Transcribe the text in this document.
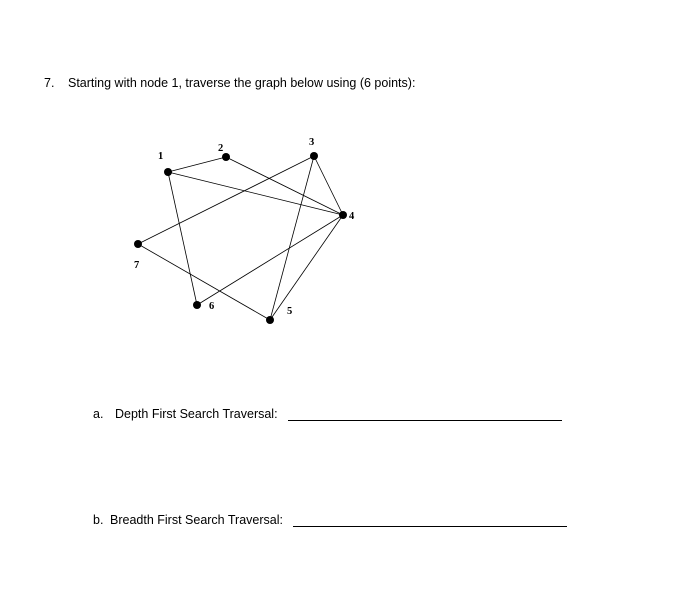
7. Starting with node 1, traverse the graph below using (6 points):
1
2
3
4
5
6
7
a. Depth First Search Traversal:
b. Breadth First Search Traversal:
